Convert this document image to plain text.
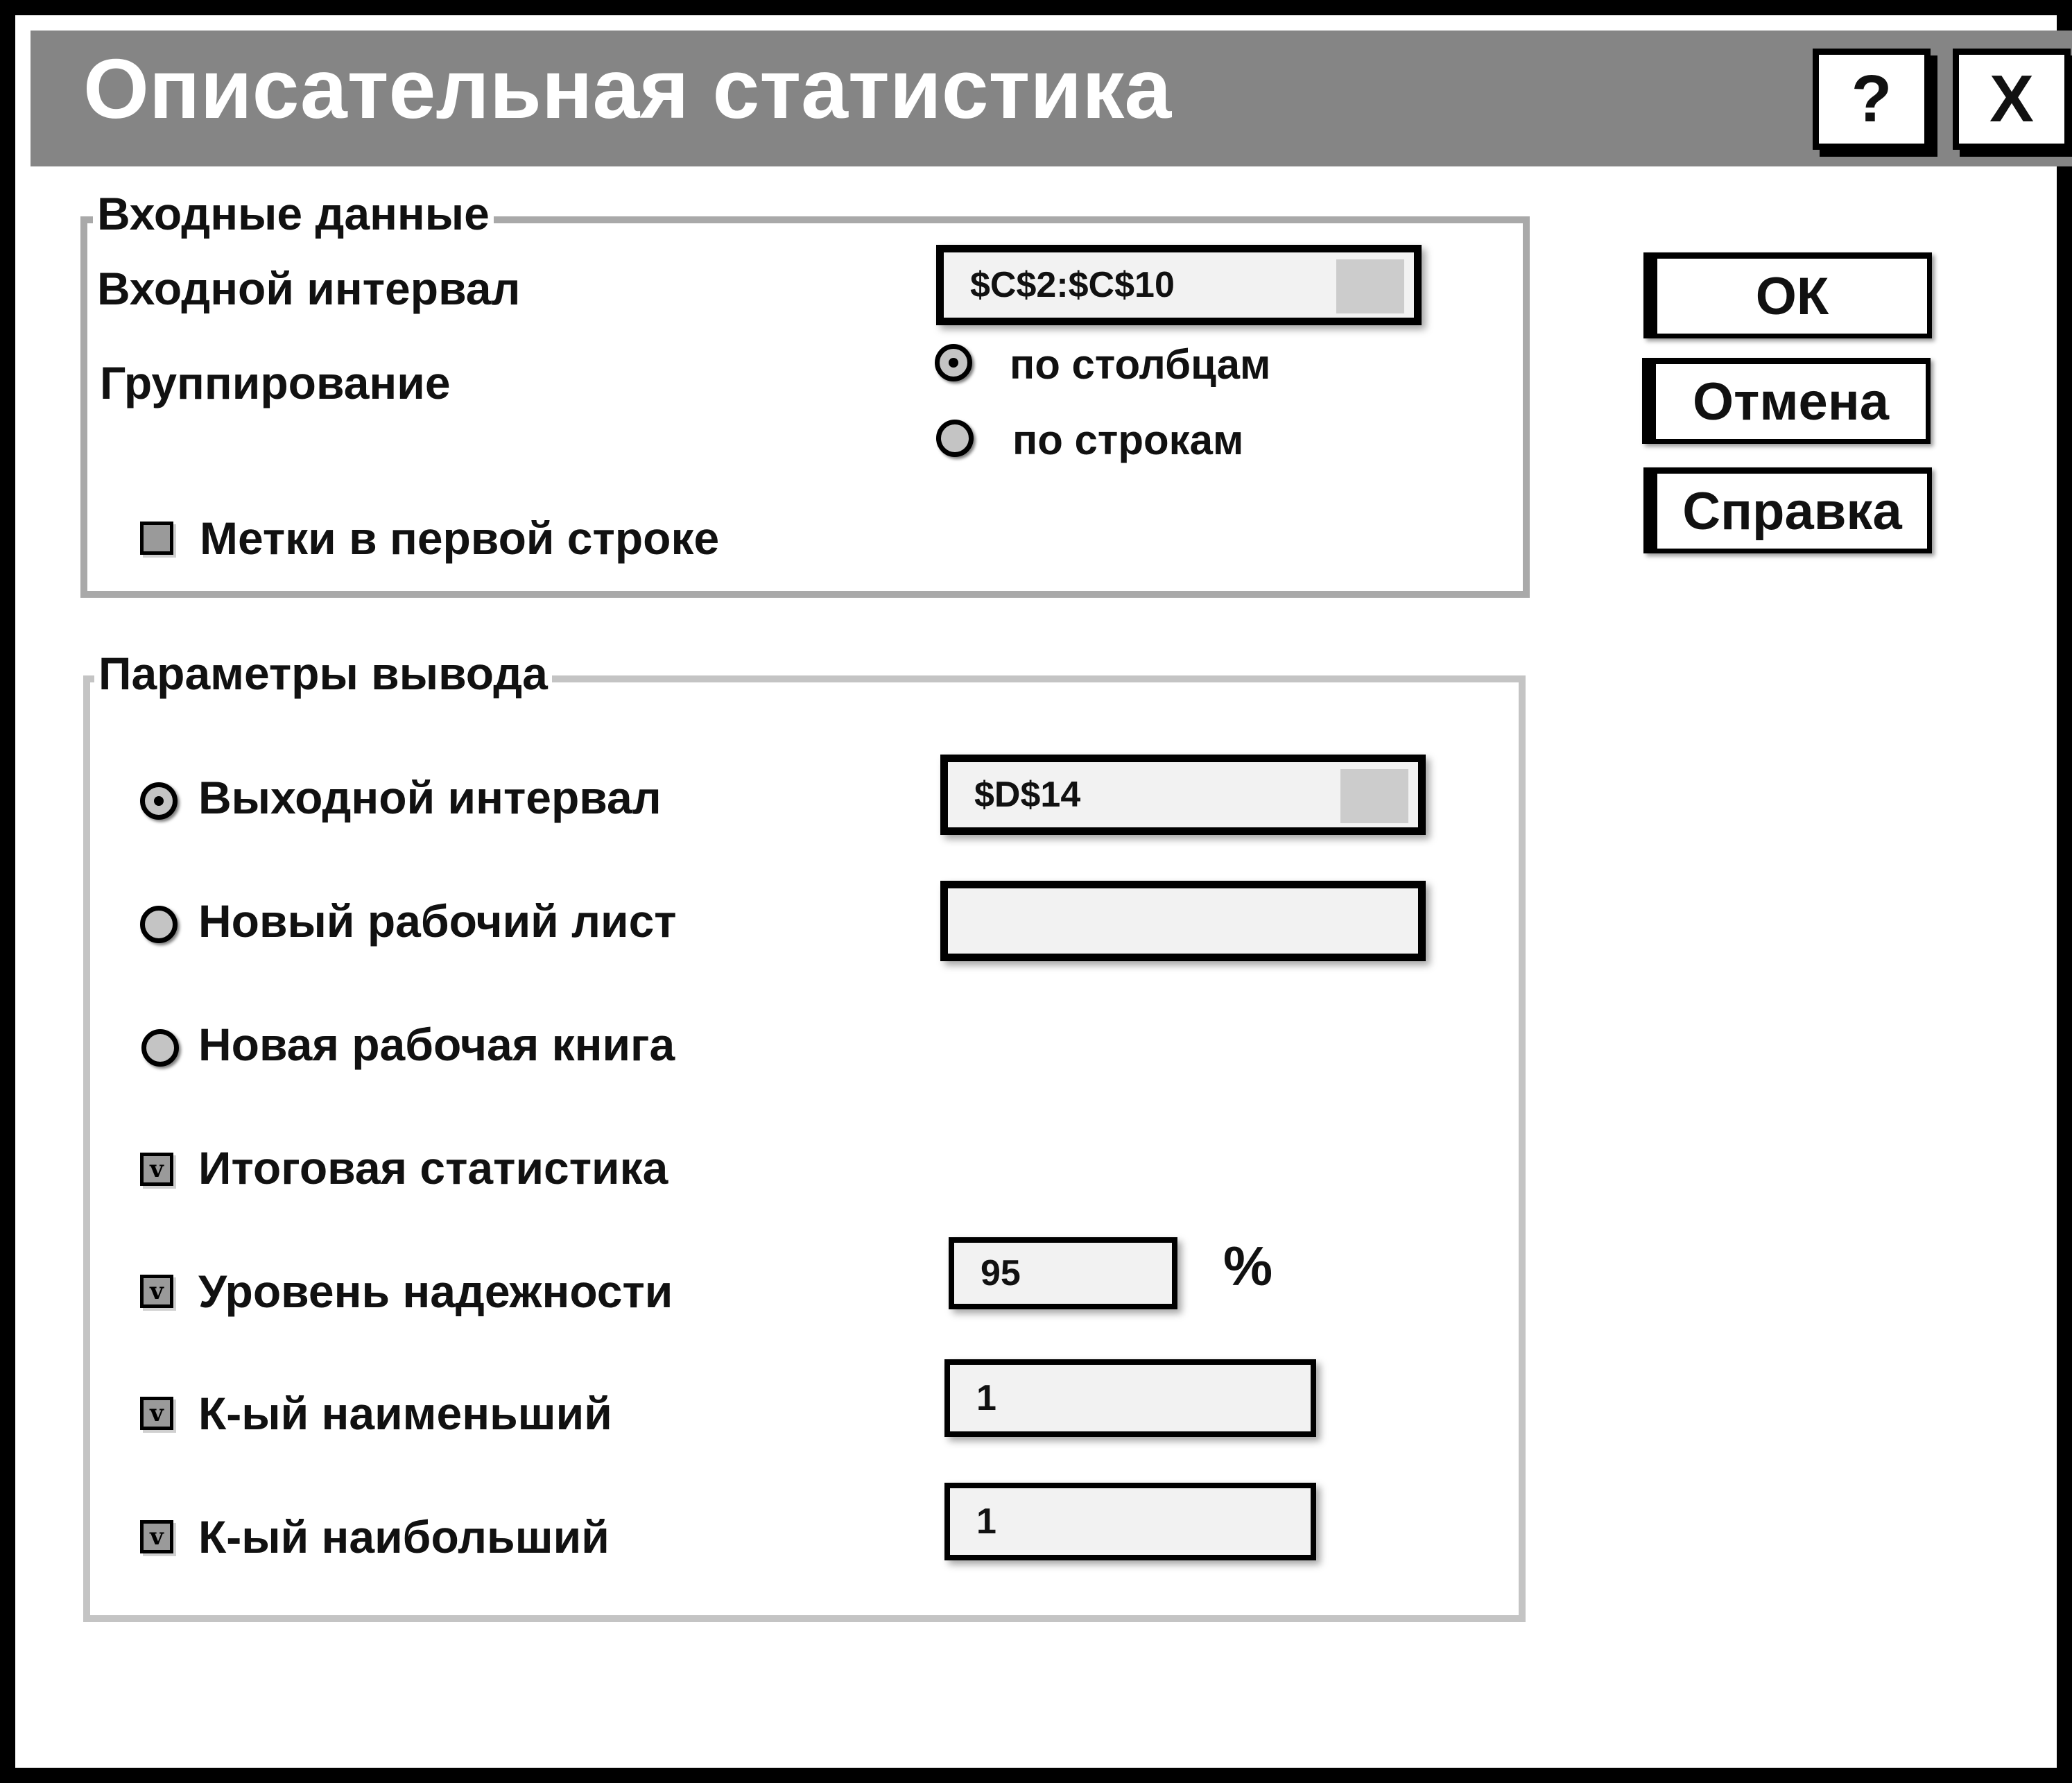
Описательная статистика	?	X
Входные данные
Входной интервал	$C$2:$C$10
Группирование	по столбцам
по строкам
Метки в первой строке
Параметры вывода
Выходной интервал	$D$14
Новый рабочий лист
Новая рабочая книга
v Итоговая статистика
v Уровень надежности	95	%
v К-ый наименьший	1
v К-ый наибольший	1
ОК
Отмена
Справка
